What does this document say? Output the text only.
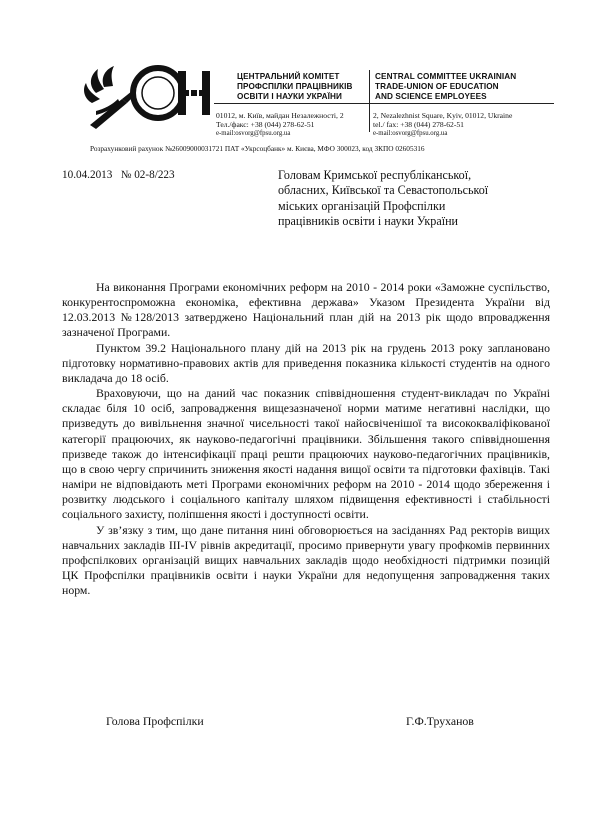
ЦЕНТРАЛЬНИЙ КОМІТЕТ
ПРОФСПІЛКИ ПРАЦІВНИКІВ
ОСВІТИ І НАУКИ УКРАЇНИ
CENTRAL COMMITTEE UKRAINIAN
TRADE-UNION OF EDUCATION
AND SCIENCE EMPLOYEES
01012, м. Київ, майдан Незалежності, 2
Тел./факс: +38 (044) 278-62-51
e-mail:osvorg@fpsu.org.ua
2, Nezalezhnist Square, Kyiv, 01012, Ukraine
tel./ fax: +38 (044) 278-62-51
e-mail:osvorg@fpsu.org.ua
Розрахунковий рахунок №26009000031721 ПАТ «Укрсоцбанк» м. Києва, МФО 300023, код ЗКПО 02605316
10.04.2013 № 02-8/223	Головам Кримської республіканської,
обласних, Київської та Севастопольської
міських організацій Профспілки
працівників освіти і науки України

На виконання Програми економічних реформ на 2010 - 2014 роки «Заможне суспільство, конкурентоспроможна економіка, ефективна держава» Указом Президента України від 12.03.2013 №128/2013 затверджено Національний план дій на 2013 рік щодо впровадження зазначеної Програми.

Пунктом 39.2 Національного плану дій на 2013 рік на грудень 2013 року заплановано підготовку нормативно-правових актів для приведення показника кількості студентів на одного викладача до 18 осіб.

Враховуючи, що на даний час показник співвідношення студент-викладач по Україні складає біля 10 осіб, запровадження вищезазначеної норми матиме негативні наслідки, що призведуть до вивільнення значної чисельності такої найосвіченішої та висококваліфікованої категорії працюючих, як науково-педагогічні працівники. Збільшення такого співвідношення призведе також до інтенсифікації праці решти працюючих науково-педагогічних працівників, що в свою чергу спричинить зниження якості надання вищої освіти та підготовки фахівців. Такі наміри не відповідають меті Програми економічних реформ на 2010 - 2014 щодо збереження і розвитку людського і соціального капіталу шляхом підвищення ефективності і стабільності соціального захисту, поліпшення якості і доступності освіти.

У зв’язку з тим, що дане питання нині обговорюється на засіданнях Рад ректорів вищих навчальних закладів ІІІ-ІV рівнів акредитації, просимо привернути увагу профкомів первинних профспілкових організацій вищих навчальних закладів щодо необхідності підтримки позицій ЦК Профспілки працівників освіти і науки України для недопущення запровадження таких норм.

Голова Профспілки	Г.Ф.Труханов
